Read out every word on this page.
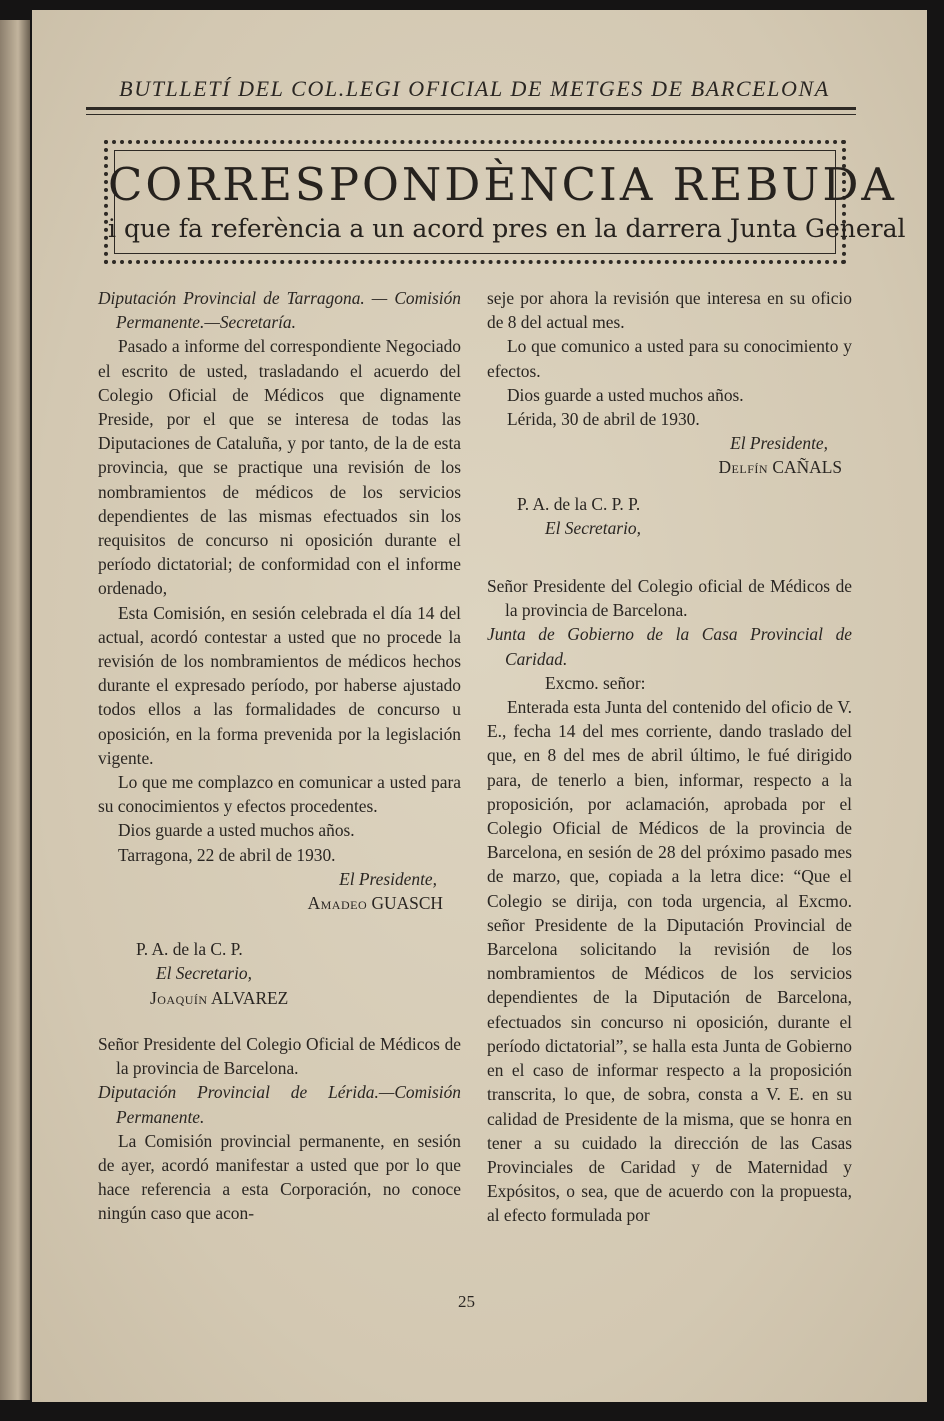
BUTLLETÍ DEL COL.LEGI OFICIAL DE METGES DE BARCELONA
CORRESPONDÈNCIA REBUDA
i que fa referència a un acord pres en la darrera Junta General

Diputación Provincial de Tarragona. — Comisión Permanente.—Secretaría.

Pasado a informe del correspondiente Negociado el escrito de usted, trasladando el acuerdo del Colegio Oficial de Médicos que dignamente Preside, por el que se interesa de todas las Diputaciones de Cataluña, y por tanto, de la de esta provincia, que se practique una revisión de los nombramientos de médicos de los servicios dependientes de las mismas efectuados sin los requisitos de concurso ni oposición durante el período dictatorial; de conformidad con el informe ordenado,

Esta Comisión, en sesión celebrada el día 14 del actual, acordó contestar a usted que no procede la revisión de los nombramientos de médicos hechos durante el expresado período, por haberse ajustado todos ellos a las formalidades de concurso u oposición, en la forma prevenida por la legislación vigente.

Lo que me complazco en comunicar a usted para su conocimientos y efectos procedentes.

Dios guarde a usted muchos años.

Tarragona, 22 de abril de 1930.

El Presidente,

Amadeo GUASCH

P. A. de la C. P.

El Secretario,

Joaquín ALVAREZ

Señor Presidente del Colegio Oficial de Médicos de la provincia de Barcelona.

Diputación Provincial de Lérida.—Comisión Permanente.

La Comisión provincial permanente, en sesión de ayer, acordó manifestar a usted que por lo que hace referencia a esta Corporación, no conoce ningún caso que acon-

seje por ahora la revisión que interesa en su oficio de 8 del actual mes.

Lo que comunico a usted para su conocimiento y efectos.

Dios guarde a usted muchos años.

Lérida, 30 de abril de 1930.

El Presidente,

Delfín CAÑALS

P. A. de la C. P. P.

El Secretario,

Señor Presidente del Colegio oficial de Médicos de la provincia de Barcelona.

Junta de Gobierno de la Casa Provincial de Caridad.

Excmo. señor:

Enterada esta Junta del contenido del oficio de V. E., fecha 14 del mes corriente, dando traslado del que, en 8 del mes de abril último, le fué dirigido para, de tenerlo a bien, informar, respecto a la proposición, por aclamación, aprobada por el Colegio Oficial de Médicos de la provincia de Barcelona, en sesión de 28 del próximo pasado mes de marzo, que, copiada a la letra dice: “Que el Colegio se dirija, con toda urgencia, al Excmo. señor Presidente de la Diputación Provincial de Barcelona solicitando la revisión de los nombramientos de Médicos de los servicios dependientes de la Diputación de Barcelona, efectuados sin concurso ni oposición, durante el período dictatorial”, se halla esta Junta de Gobierno en el caso de informar respecto a la proposición transcrita, lo que, de sobra, consta a V. E. en su calidad de Presidente de la misma, que se honra en tener a su cuidado la dirección de las Casas Provinciales de Caridad y de Maternidad y Expósitos, o sea, que de acuerdo con la propuesta, al efecto formulada por

25
